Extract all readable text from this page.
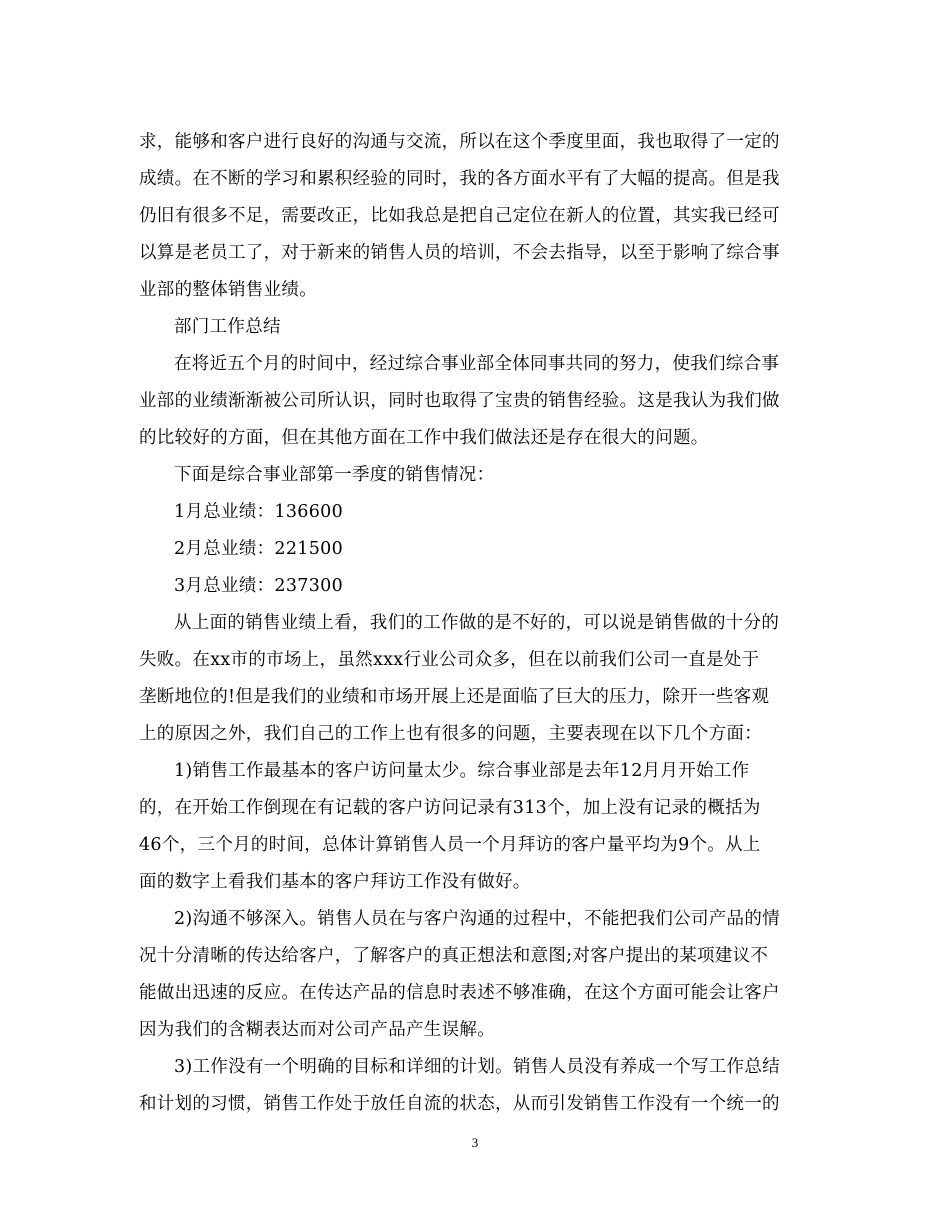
求，能够和客户进行良好的沟通与交流，所以在这个季度里面，我也取得了一定的
成绩。在不断的学习和累积经验的同时，我的各方面水平有了大幅的提高。但是我
仍旧有很多不足，需要改正，比如我总是把自己定位在新人的位置，其实我已经可
以算是老员工了，对于新来的销售人员的培训，不会去指导，以至于影响了综合事
业部的整体销售业绩。
部门工作总结
在将近五个月的时间中，经过综合事业部全体同事共同的努力，使我们综合事
业部的业绩渐渐被公司所认识，同时也取得了宝贵的销售经验。这是我认为我们做
的比较好的方面，但在其他方面在工作中我们做法还是存在很大的问题。
下面是综合事业部第一季度的销售情况：
1月总业绩：136600
2月总业绩：221500
3月总业绩：237300
从上面的销售业绩上看，我们的工作做的是不好的，可以说是销售做的十分的
失败。在xx市的市场上，虽然xxx行业公司众多，但在以前我们公司一直是处于
垄断地位的!但是我们的业绩和市场开展上还是面临了巨大的压力，除开一些客观
上的原因之外，我们自己的工作上也有很多的问题，主要表现在以下几个方面：
1)销售工作最基本的客户访问量太少。综合事业部是去年12月月开始工作
的，在开始工作倒现在有记载的客户访问记录有313个，加上没有记录的概括为
46个，三个月的时间，总体计算销售人员一个月拜访的客户量平均为9个。从上
面的数字上看我们基本的客户拜访工作没有做好。
2)沟通不够深入。销售人员在与客户沟通的过程中，不能把我们公司产品的情
况十分清晰的传达给客户，了解客户的真正想法和意图;对客户提出的某项建议不
能做出迅速的反应。在传达产品的信息时表述不够准确，在这个方面可能会让客户
因为我们的含糊表达而对公司产品产生误解。
3)工作没有一个明确的目标和详细的计划。销售人员没有养成一个写工作总结
和计划的习惯，销售工作处于放任自流的状态，从而引发销售工作没有一个统一的
3
